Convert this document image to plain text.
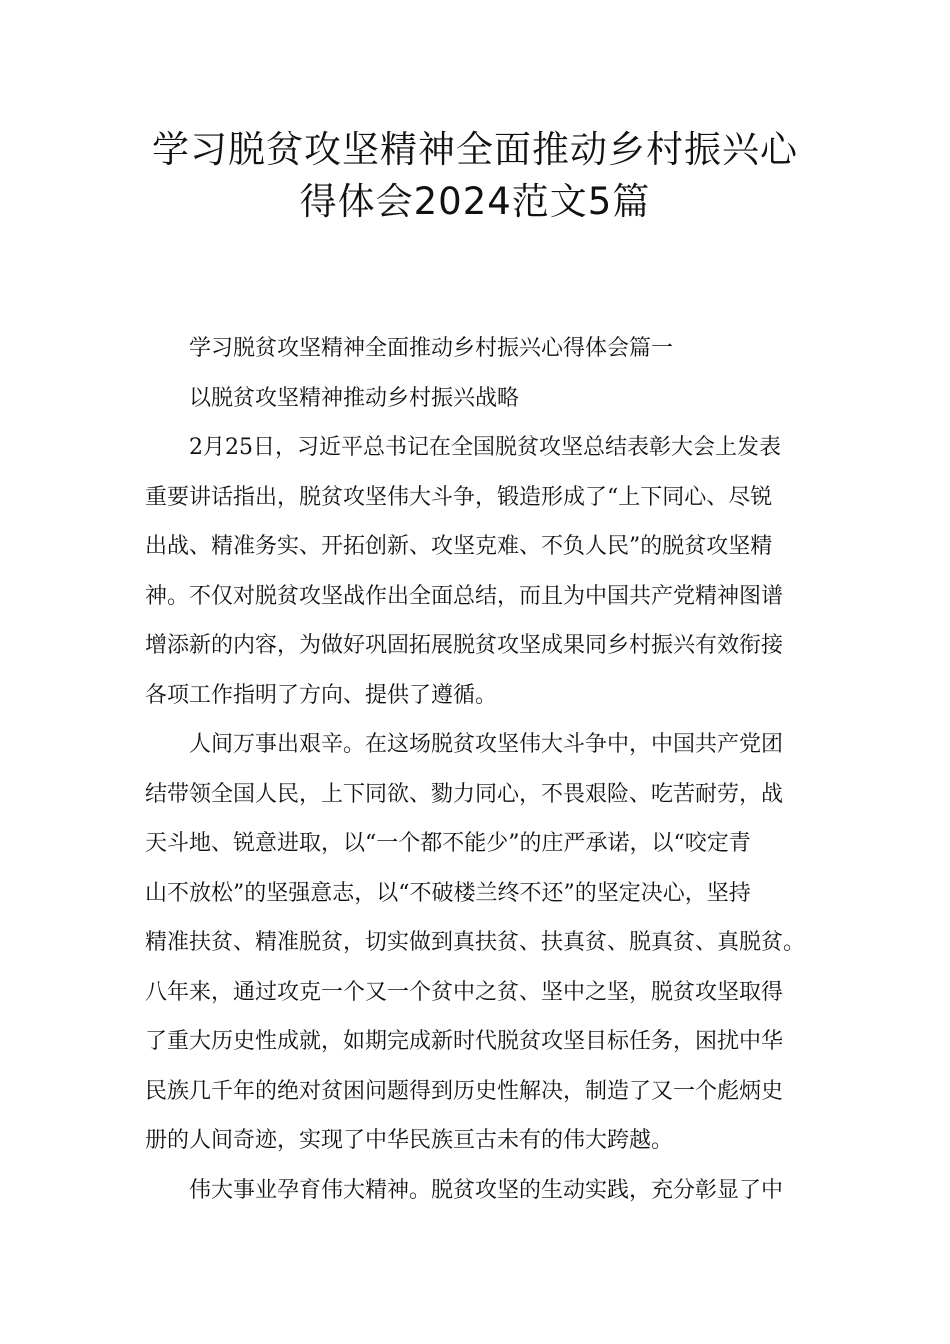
学习脱贫攻坚精神全面推动乡村振兴心
得体会2024范文5篇
学习脱贫攻坚精神全面推动乡村振兴心得体会篇一
以脱贫攻坚精神推动乡村振兴战略
2月25日，习近平总书记在全国脱贫攻坚总结表彰大会上发表
重要讲话指出，脱贫攻坚伟大斗争，锻造形成了“上下同心、尽锐
出战、精准务实、开拓创新、攻坚克难、不负人民”的脱贫攻坚精
神。不仅对脱贫攻坚战作出全面总结，而且为中国共产党精神图谱
增添新的内容，为做好巩固拓展脱贫攻坚成果同乡村振兴有效衔接
各项工作指明了方向、提供了遵循。
人间万事出艰辛。在这场脱贫攻坚伟大斗争中，中国共产党团
结带领全国人民，上下同欲、勠力同心，不畏艰险、吃苦耐劳，战
天斗地、锐意进取，以“一个都不能少”的庄严承诺，以“咬定青
山不放松”的坚强意志，以“不破楼兰终不还”的坚定决心，坚持
精准扶贫、精准脱贫，切实做到真扶贫、扶真贫、脱真贫、真脱贫。
八年来，通过攻克一个又一个贫中之贫、坚中之坚，脱贫攻坚取得
了重大历史性成就，如期完成新时代脱贫攻坚目标任务，困扰中华
民族几千年的绝对贫困问题得到历史性解决，制造了又一个彪炳史
册的人间奇迹，实现了中华民族亘古未有的伟大跨越。
伟大事业孕育伟大精神。脱贫攻坚的生动实践，充分彰显了中
